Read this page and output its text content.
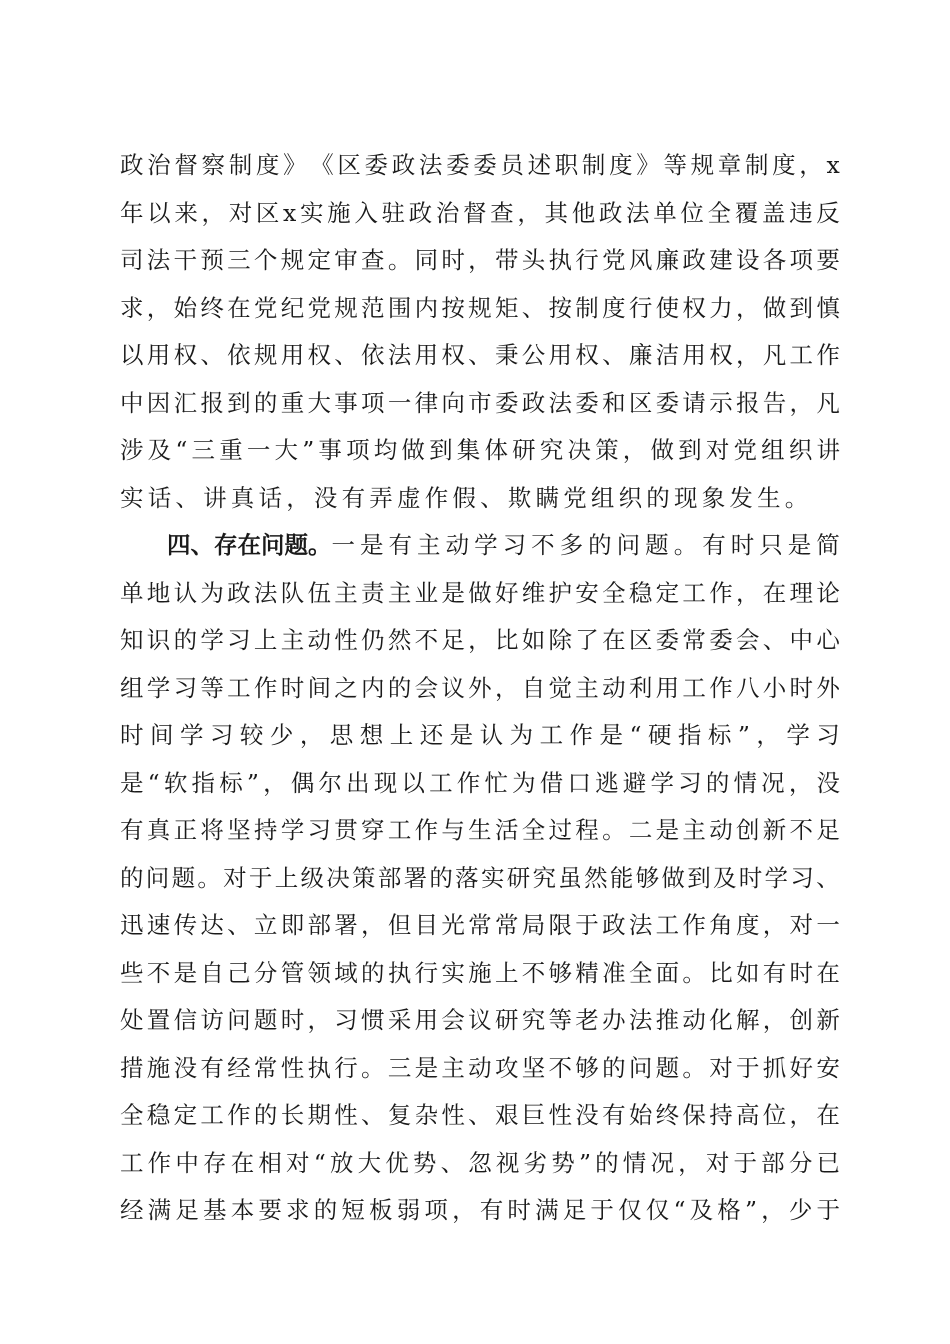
政 治 督 察 制 度 》 《 区 委 政 法 委 委 员 述 职 制 度 》 等 规 章 制 度 ， x
年 以 来 ， 对 区 x 实 施 入 驻 政 治 督 查 ， 其 他 政 法 单 位 全 覆 盖 违 反
司 法 干 预 三 个 规 定 审 查 。 同 时 ， 带 头 执 行 党 风 廉 政 建 设 各 项 要
求 ， 始 终 在 党 纪 党 规 范 围 内 按 规 矩 、 按 制 度 行 使 权 力 ， 做 到 慎
以 用 权 、 依 规 用 权 、 依 法 用 权 、 秉 公 用 权 、 廉 洁 用 权 ， 凡 工 作
中 因 汇 报 到 的 重 大 事 项 一 律 向 市 委 政 法 委 和 区 委 请 示 报 告 ， 凡
涉 及 “ 三 重 一 大 ” 事 项 均 做 到 集 体 研 究 决 策 ， 做 到 对 党 组 织 讲
实话、讲真话，没有弄虚作假、欺瞒党组织的现象发生。
四、存在问题。 一 是 有 主 动 学 习 不 多 的 问 题 。 有 时 只 是 简
单 地 认 为 政 法 队 伍 主 责 主 业 是 做 好 维 护 安 全 稳 定 工 作 ， 在 理 论
知 识 的 学 习 上 主 动 性 仍 然 不 足 ， 比 如 除 了 在 区 委 常 委 会 、 中 心
组 学 习 等 工 作 时 间 之 内 的 会 议 外 ， 自 觉 主 动 利 用 工 作 八 小 时 外
时 间 学 习 较 少 ， 思 想 上 还 是 认 为 工 作 是 “ 硬 指 标 ” ， 学 习
是 “ 软 指 标 ” ， 偶 尔 出 现 以 工 作 忙 为 借 口 逃 避 学 习 的 情 况 ， 没
有 真 正 将 坚 持 学 习 贯 穿 工 作 与 生 活 全 过 程 。 二 是 主 动 创 新 不 足
的 问 题 。 对 于 上 级 决 策 部 署 的 落 实 研 究 虽 然 能 够 做 到 及 时 学 习 、
迅 速 传 达 、 立 即 部 署 ， 但 目 光 常 常 局 限 于 政 法 工 作 角 度 ， 对 一
些 不 是 自 己 分 管 领 域 的 执 行 实 施 上 不 够 精 准 全 面 。 比 如 有 时 在
处 置 信 访 问 题 时 ， 习 惯 采 用 会 议 研 究 等 老 办 法 推 动 化 解 ， 创 新
措 施 没 有 经 常 性 执 行 。 三 是 主 动 攻 坚 不 够 的 问 题 。 对 于 抓 好 安
全 稳 定 工 作 的 长 期 性 、 复 杂 性 、 艰 巨 性 没 有 始 终 保 持 高 位 ， 在
工 作 中 存 在 相 对 “ 放 大 优 势 、 忽 视 劣 势 ” 的 情 况 ， 对 于 部 分 已
经 满 足 基 本 要 求 的 短 板 弱 项 ， 有 时 满 足 于 仅 仅 “ 及 格 ” ， 少 于
